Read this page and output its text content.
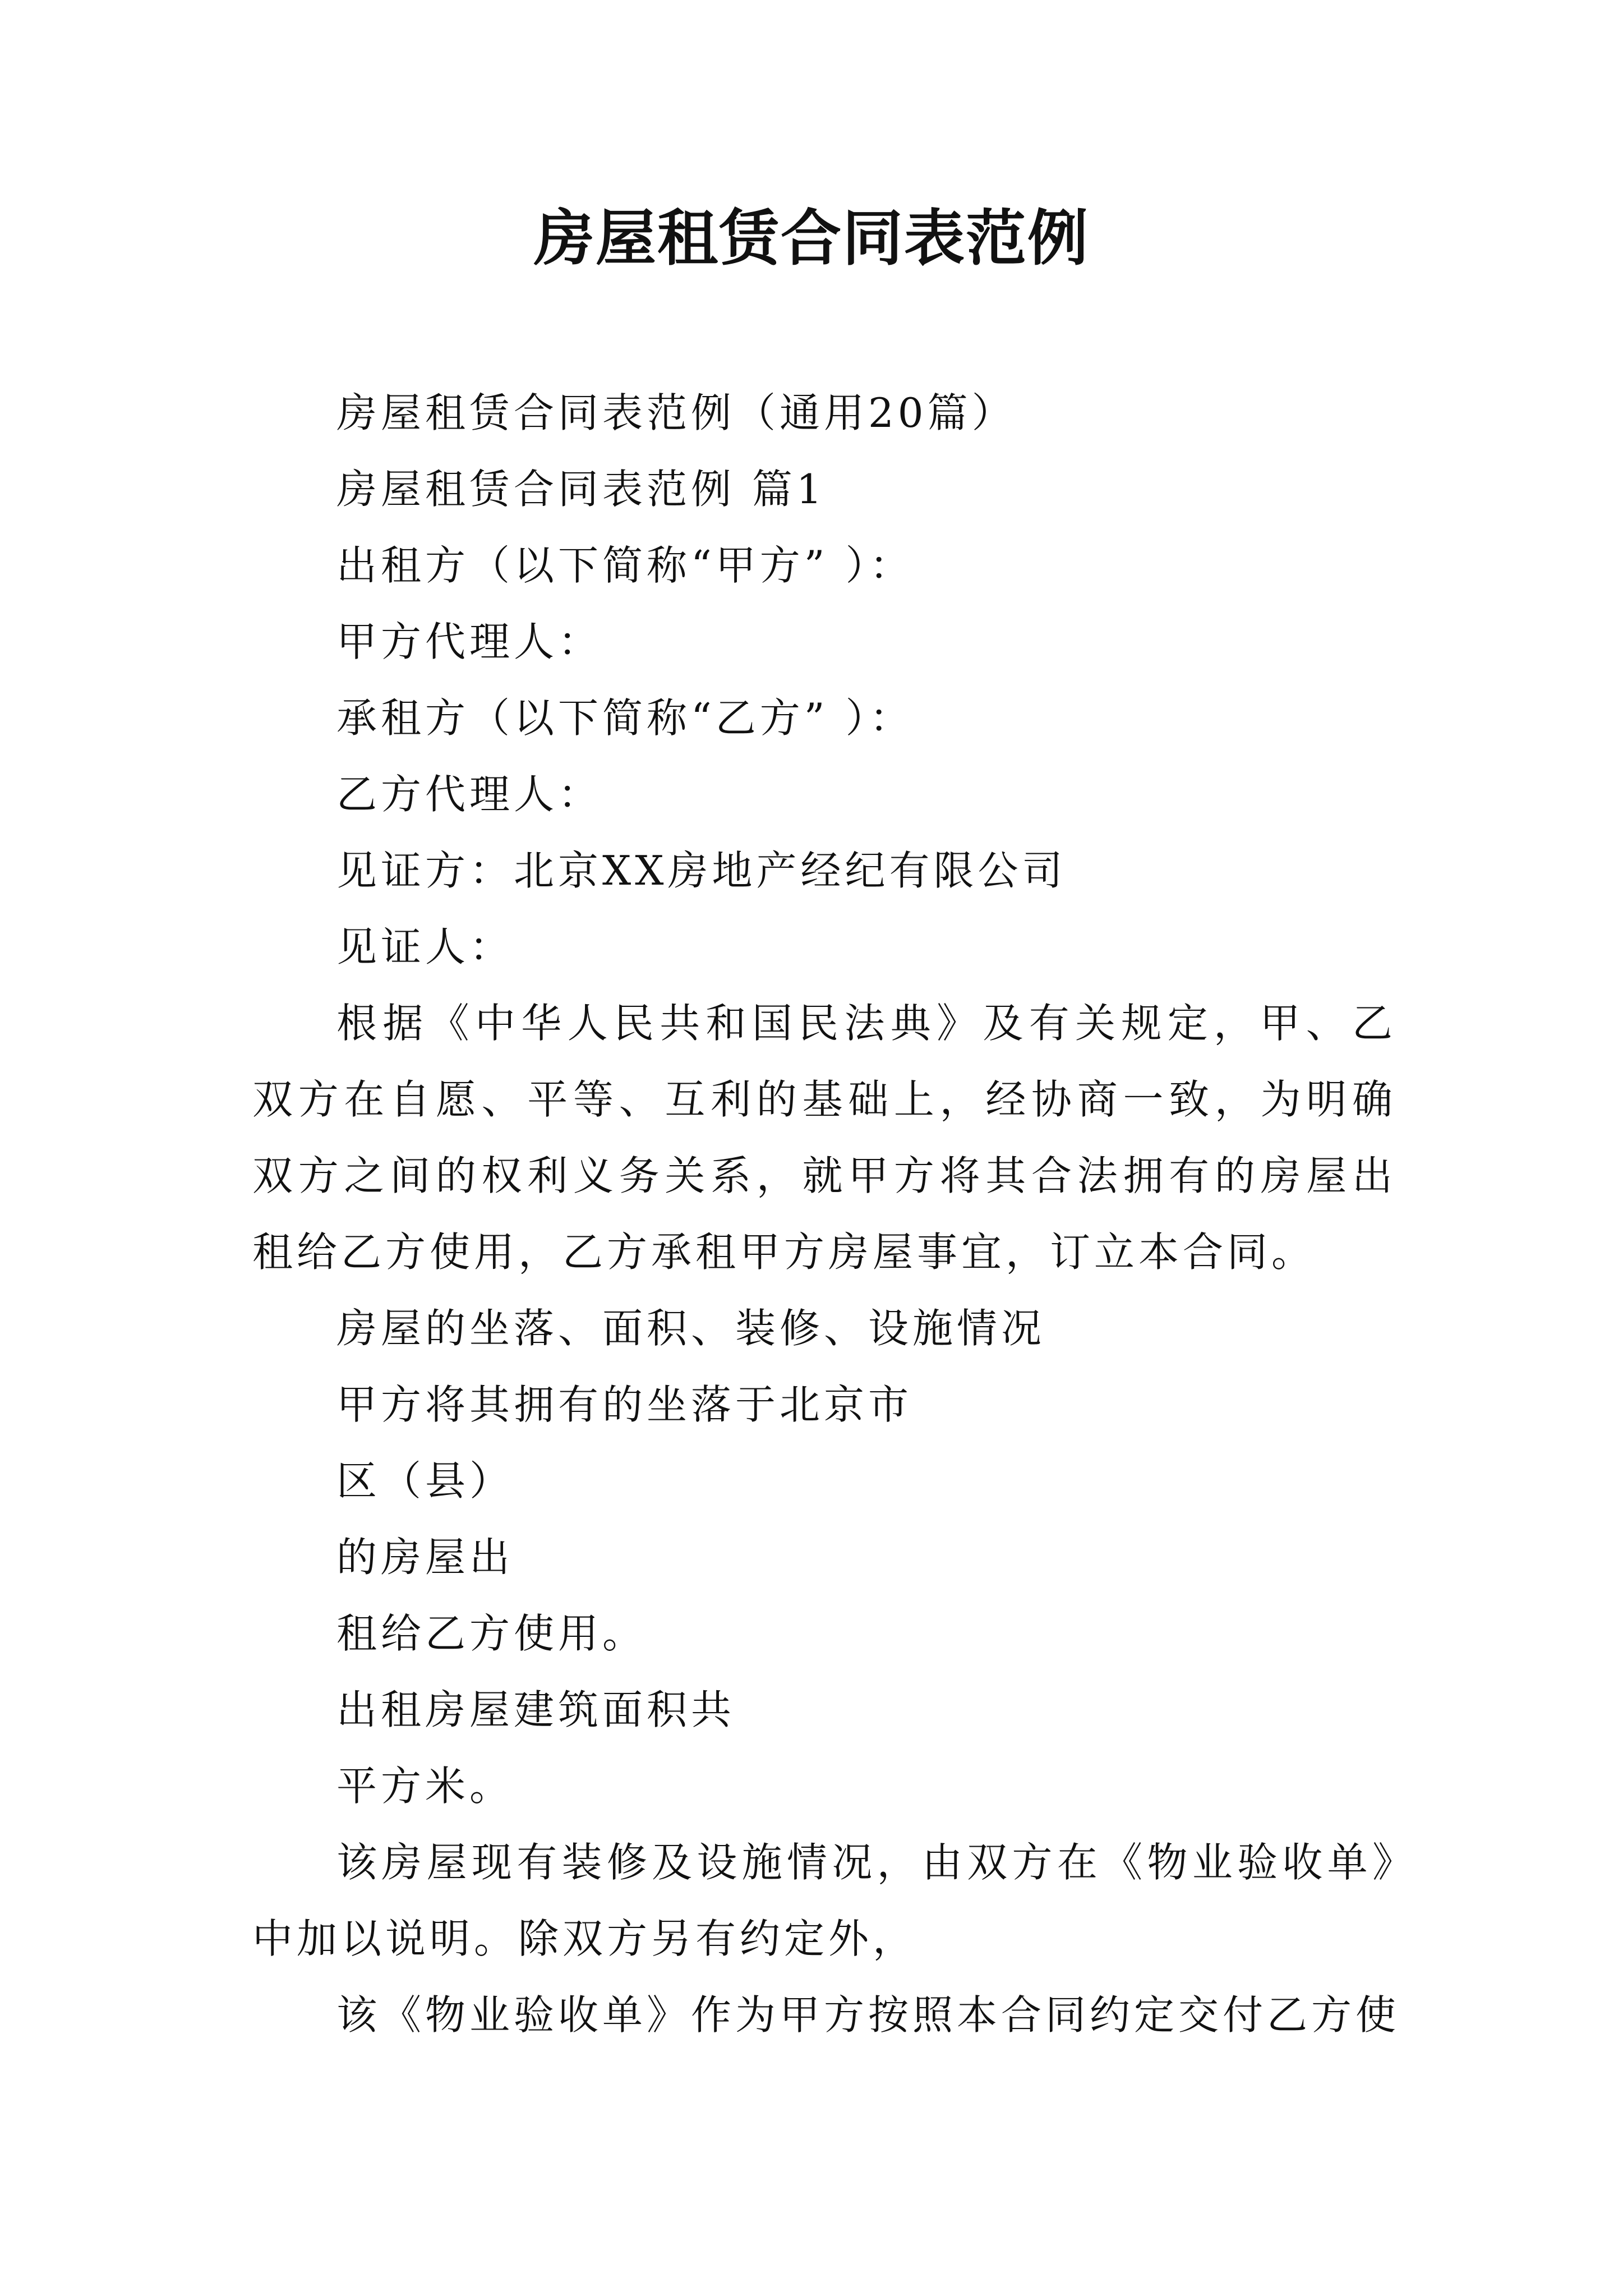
房屋租赁合同表范例

房屋租赁合同表范例（通用20篇）

房屋租赁合同表范例 篇1

出租方（以下简称“甲方” ）：

甲方代理人：

承租方（以下简称“乙方” ）：

乙方代理人：

见证方：北京XX房地产经纪有限公司

见证人：

根据《中华人民共和国民法典》及有关规定，甲、乙双方在自愿、平等、互利的基础上，经协商一致，为明确双方之间的权利义务关系，就甲方将其合法拥有的房屋出租给乙方使用，乙方承租甲方房屋事宜，订立本合同。

房屋的坐落、面积、装修、设施情况

甲方将其拥有的坐落于北京市

区（县）

的房屋出

租给乙方使用。

出租房屋建筑面积共

平方米。

该房屋现有装修及设施情况，由双方在《物业验收单》中加以说明。除双方另有约定外，

该《物业验收单》作为甲方按照本合同约定交付乙方使
